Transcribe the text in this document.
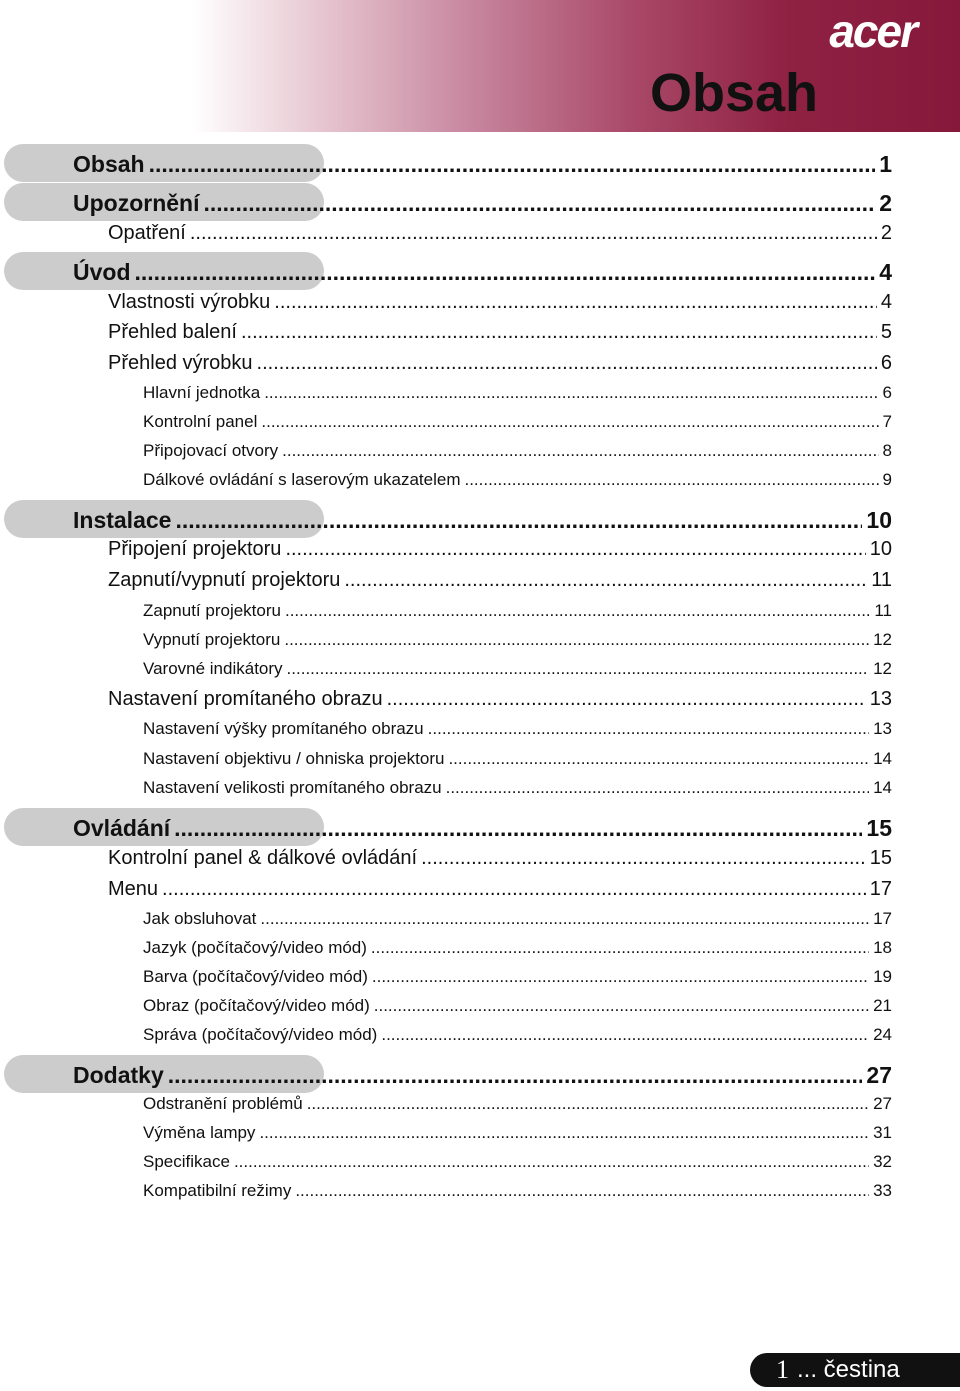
acer
Obsah
Obsah .....	1
Upozornění .....	2
Opatření .....	2
Úvod .....	4
Vlastnosti výrobku .....	4
Přehled balení .....	5
Přehled výrobku .....	6
Hlavní jednotka .....	6
Kontrolní panel .....	7
Připojovací otvory .....	8
Dálkové ovládání s laserovým ukazatelem .....	9
Instalace .....	10
Připojení projektoru .....	10
Zapnutí/vypnutí projektoru .....	11
Zapnutí projektoru .....	11
Vypnutí projektoru .....	12
Varovné indikátory .....	12
Nastavení promítaného obrazu .....	13
Nastavení výšky promítaného obrazu .....	13
Nastavení objektivu / ohniska projektoru .....	14
Nastavení velikosti promítaného obrazu .....	14
Ovládání .....	15
Kontrolní panel & dálkové ovládání .....	15
Menu .....	17
Jak obsluhovat .....	17
Jazyk (počítačový/video mód) .....	18
Barva (počítačový/video mód) .....	19
Obraz (počítačový/video mód) .....	21
Správa (počítačový/video mód) .....	24
Dodatky .....	27
Odstranění problémů .....	27
Výměna lampy .....	31
Specifikace .....	32
Kompatibilní režimy .....	33
1 ... čestina
